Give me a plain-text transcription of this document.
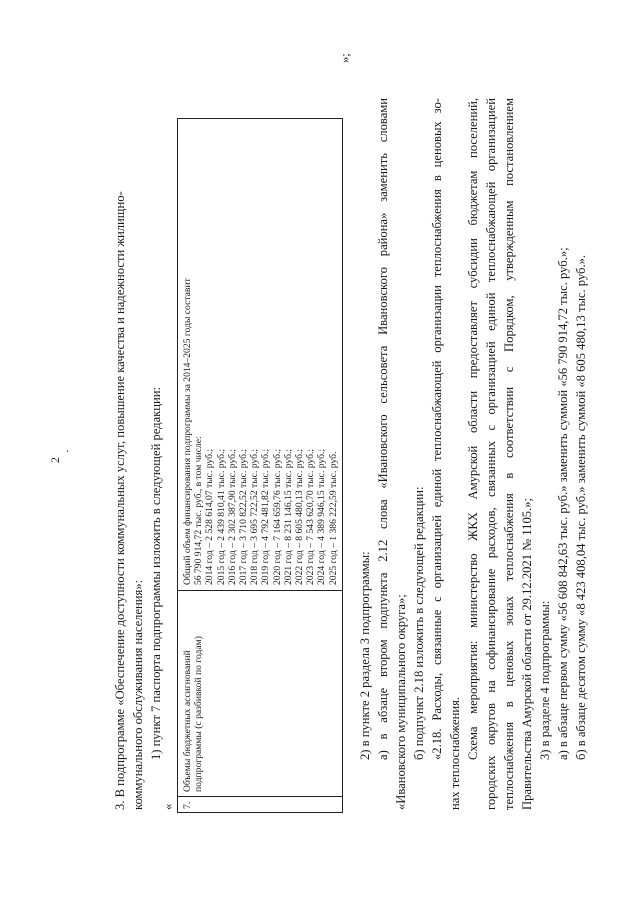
2
·	3. В подпрограмме «Обеспечение доступности коммунальных услуг, повышение качества и надежности жилищно- коммунального обслуживания населения»: 1) пункт 7 паспорта подпрограммы изложить в следующей редакции:
« 7.
Объемы бюджетных ассигнований подпрограммы (с разбивкой по годам)
Общий объем финансирования подпрограммы за 2014–2025 годы составит 56 790 914,72 тыс. руб., в том числе: 2014 год – 2 528 614,07 тыс. руб.; 2015 год – 2 439 810,41 тыс. руб.; 2016 год – 2 302 387,90 тыс. руб.; 2017 год – 3 710 822,52 тыс. руб.; 2018 год – 3 695 722,52 тыс. руб.; 2019 год – 4 792 481,82 тыс. руб.; 2020 год – 7 164 659,76 тыс. руб.; 2021 год – 8 231 146,15 тыс. руб.; 2022 год – 8 605 480,13 тыс. руб.; 2023 год – 7 543 620,70 тыс. руб.; 2024 год – 4 389 946,15 тыс. руб.; 2025 год – 1 386 222,59 тыс. руб.
»;
2) в пункте 2 раздела 3 подпрограммы: а) в абзаце втором подпункта 2.12 слова «Ивановского сельсовета Ивановского района» заменить словами «Ивановского муниципального округа»; б) подпункт 2.18 изложить в следующей редакции: «2.18. Расходы, связанные с организацией единой теплоснабжающей организации теплоснабжения в ценовых зо- нах теплоснабжения. Схема мероприятия: министерство ЖКХ Амурской области предоставляет субсидии бюджетам поселений, городских округов на софинансирование расходов, связанных с организацией единой теплоснабжающей организацией теплоснабжения в ценовых зонах теплоснабжения в соответствии с Порядком, утвержденным постановлением Правительства Амурской области от 29.12.2021 № 1105.»; 3) в разделе 4 подпрограммы: а) в абзаце первом сумму «56 608 842,63 тыс. руб.» заменить суммой «56 790 914,72 тыс. руб.»; б) в абзаце десятом сумму «8 423 408,04 тыс. руб.» заменить суммой «8 605 480,13 тыс. руб.».
